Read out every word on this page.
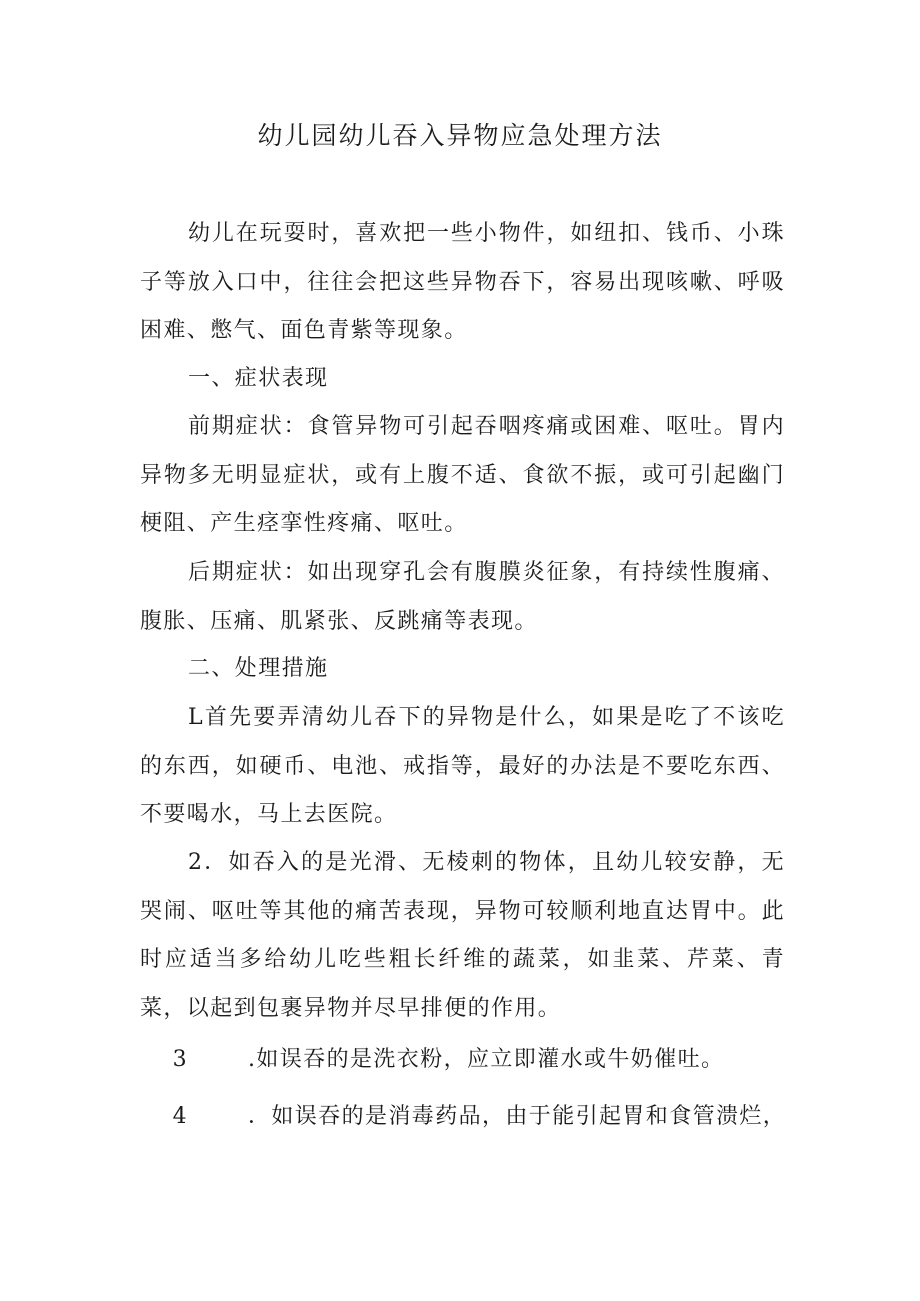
幼儿园幼儿吞入异物应急处理方法

幼儿在玩耍时，喜欢把一些小物件，如纽扣、钱币、小珠子等放入口中，往往会把这些异物吞下，容易出现咳嗽、呼吸困难、憋气、面色青紫等现象。

一、症状表现

前期症状：食管异物可引起吞咽疼痛或困难、呕吐。胃内异物多无明显症状，或有上腹不适、食欲不振，或可引起幽门梗阻、产生痉挛性疼痛、呕吐。

后期症状：如出现穿孔会有腹膜炎征象，有持续性腹痛、腹胀、压痛、肌紧张、反跳痛等表现。

二、处理措施

L首先要弄清幼儿吞下的异物是什么，如果是吃了不该吃的东西，如硬币、电池、戒指等，最好的办法是不要吃东西、不要喝水，马上去医院。

2．如吞入的是光滑、无棱刺的物体，且幼儿较安静，无哭闹、呕吐等其他的痛苦表现，异物可较顺利地直达胃中。此时应适当多给幼儿吃些粗长纤维的蔬菜，如韭菜、芹菜、青菜，以起到包裹异物并尽早排便的作用。

3	.如误吞的是洗衣粉，应立即灌水或牛奶催吐。
4	．如误吞的是消毒药品，由于能引起胃和食管溃烂，
